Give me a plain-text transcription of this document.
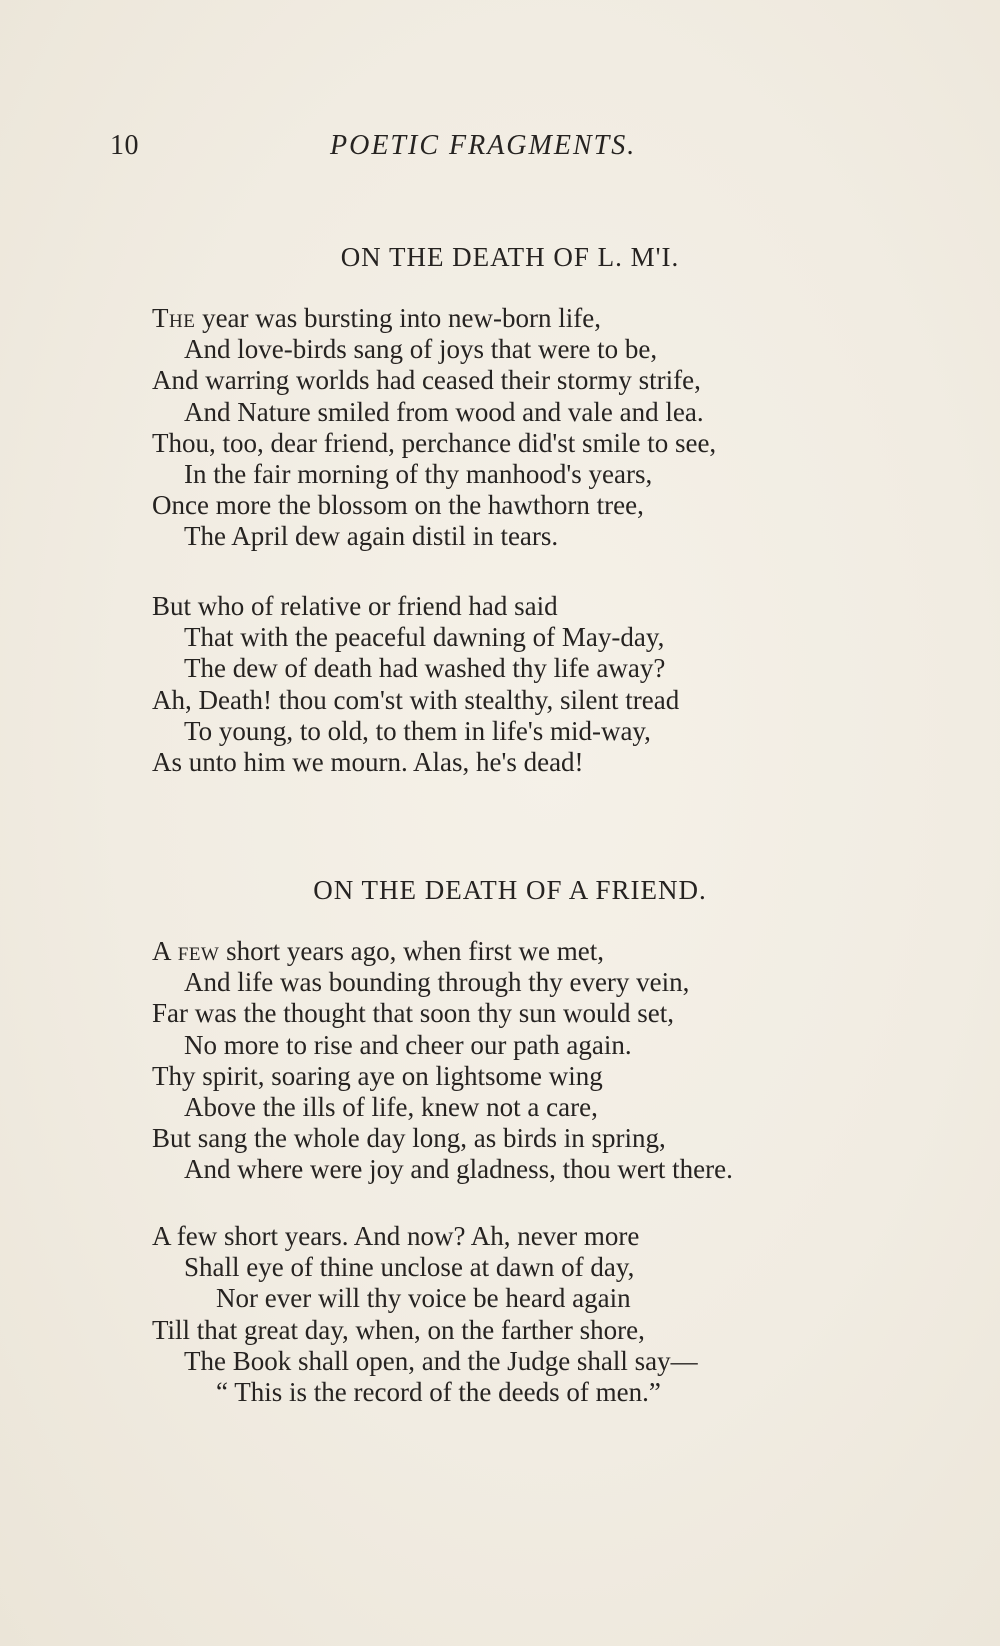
10	POETIC FRAGMENTS.
ON THE DEATH OF L. M'I.
The year was bursting into new-born life,
And love-birds sang of joys that were to be,
And warring worlds had ceased their stormy strife,
And Nature smiled from wood and vale and lea.
Thou, too, dear friend, perchance did'st smile to see,
In the fair morning of thy manhood's years,
Once more the blossom on the hawthorn tree,
The April dew again distil in tears.
But who of relative or friend had said
That with the peaceful dawning of May-day,
The dew of death had washed thy life away?
Ah, Death! thou com'st with stealthy, silent tread
To young, to old, to them in life's mid-way,
As unto him we mourn. Alas, he's dead!
ON THE DEATH OF A FRIEND.
A few short years ago, when first we met,
And life was bounding through thy every vein,
Far was the thought that soon thy sun would set,
No more to rise and cheer our path again.
Thy spirit, soaring aye on lightsome wing
Above the ills of life, knew not a care,
But sang the whole day long, as birds in spring,
And where were joy and gladness, thou wert there.
A few short years. And now? Ah, never more
Shall eye of thine unclose at dawn of day,
Nor ever will thy voice be heard again
Till that great day, when, on the farther shore,
The Book shall open, and the Judge shall say—
“ This is the record of the deeds of men.”
